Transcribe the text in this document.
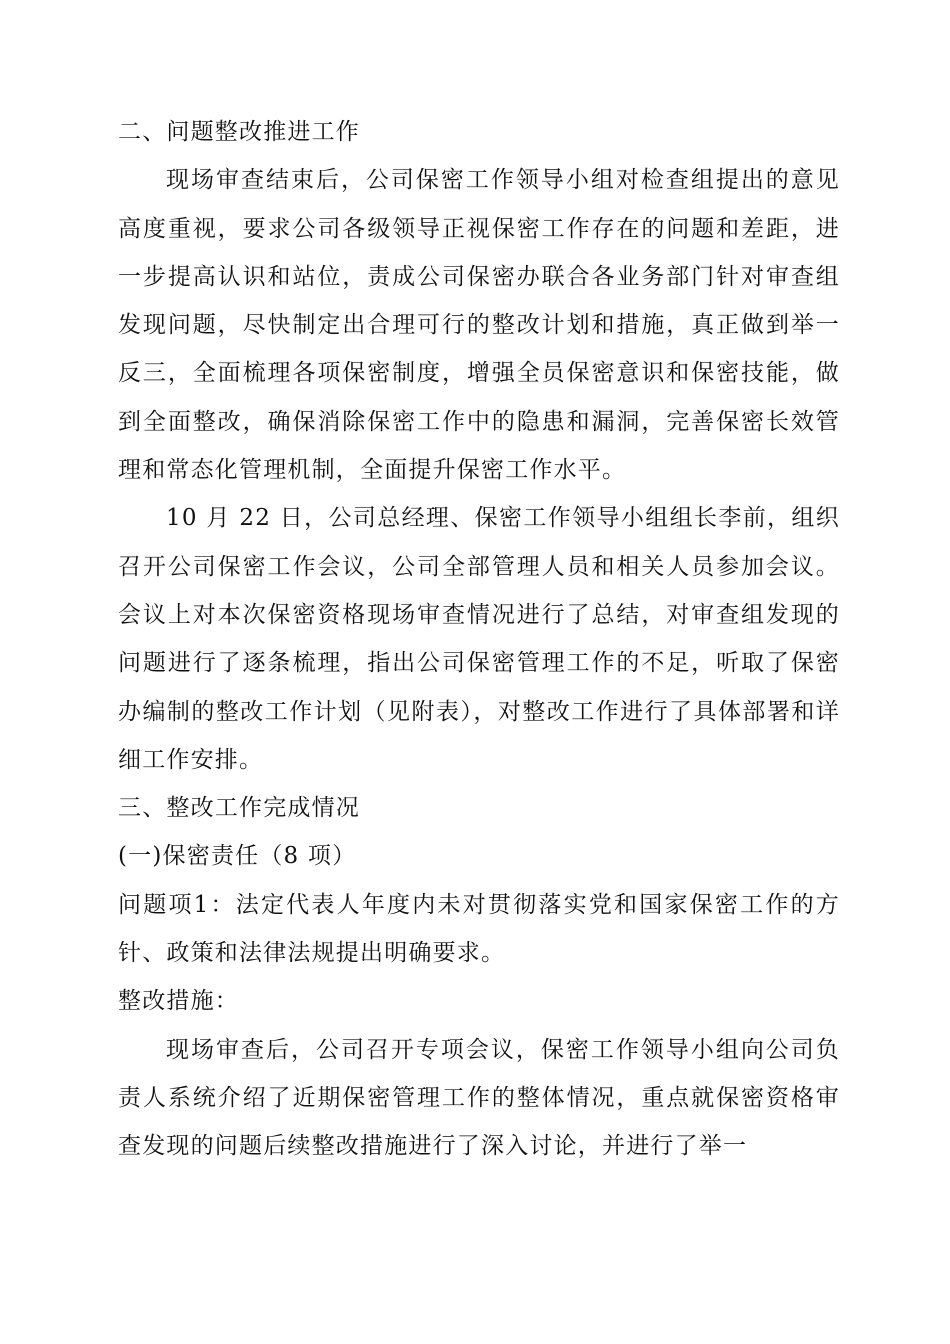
二、问题整改推进工作

现场审查结束后，公司保密工作领导小组对检查组提出的意见高度重视，要求公司各级领导正视保密工作存在的问题和差距，进一步提高认识和站位，责成公司保密办联合各业务部门针对审查组发现问题，尽快制定出合理可行的整改计划和措施，真正做到举一反三，全面梳理各项保密制度，增强全员保密意识和保密技能，做到全面整改，确保消除保密工作中的隐患和漏洞，完善保密长效管理和常态化管理机制，全面提升保密工作水平。

10 月 22 日，公司总经理、保密工作领导小组组长李前，组织召开公司保密工作会议，公司全部管理人员和相关人员参加会议。会议上对本次保密资格现场审查情况进行了总结，对审查组发现的问题进行了逐条梳理，指出公司保密管理工作的不足，听取了保密办编制的整改工作计划（见附表），对整改工作进行了具体部署和详细工作安排。

三、整改工作完成情况

(一)保密责任（8 项）

问题项1：法定代表人年度内未对贯彻落实党和国家保密工作的方针、政策和法律法规提出明确要求。

整改措施：

现场审查后，公司召开专项会议，保密工作领导小组向公司负责人系统介绍了近期保密管理工作的整体情况，重点就保密资格审查发现的问题后续整改措施进行了深入讨论，并进行了举一
